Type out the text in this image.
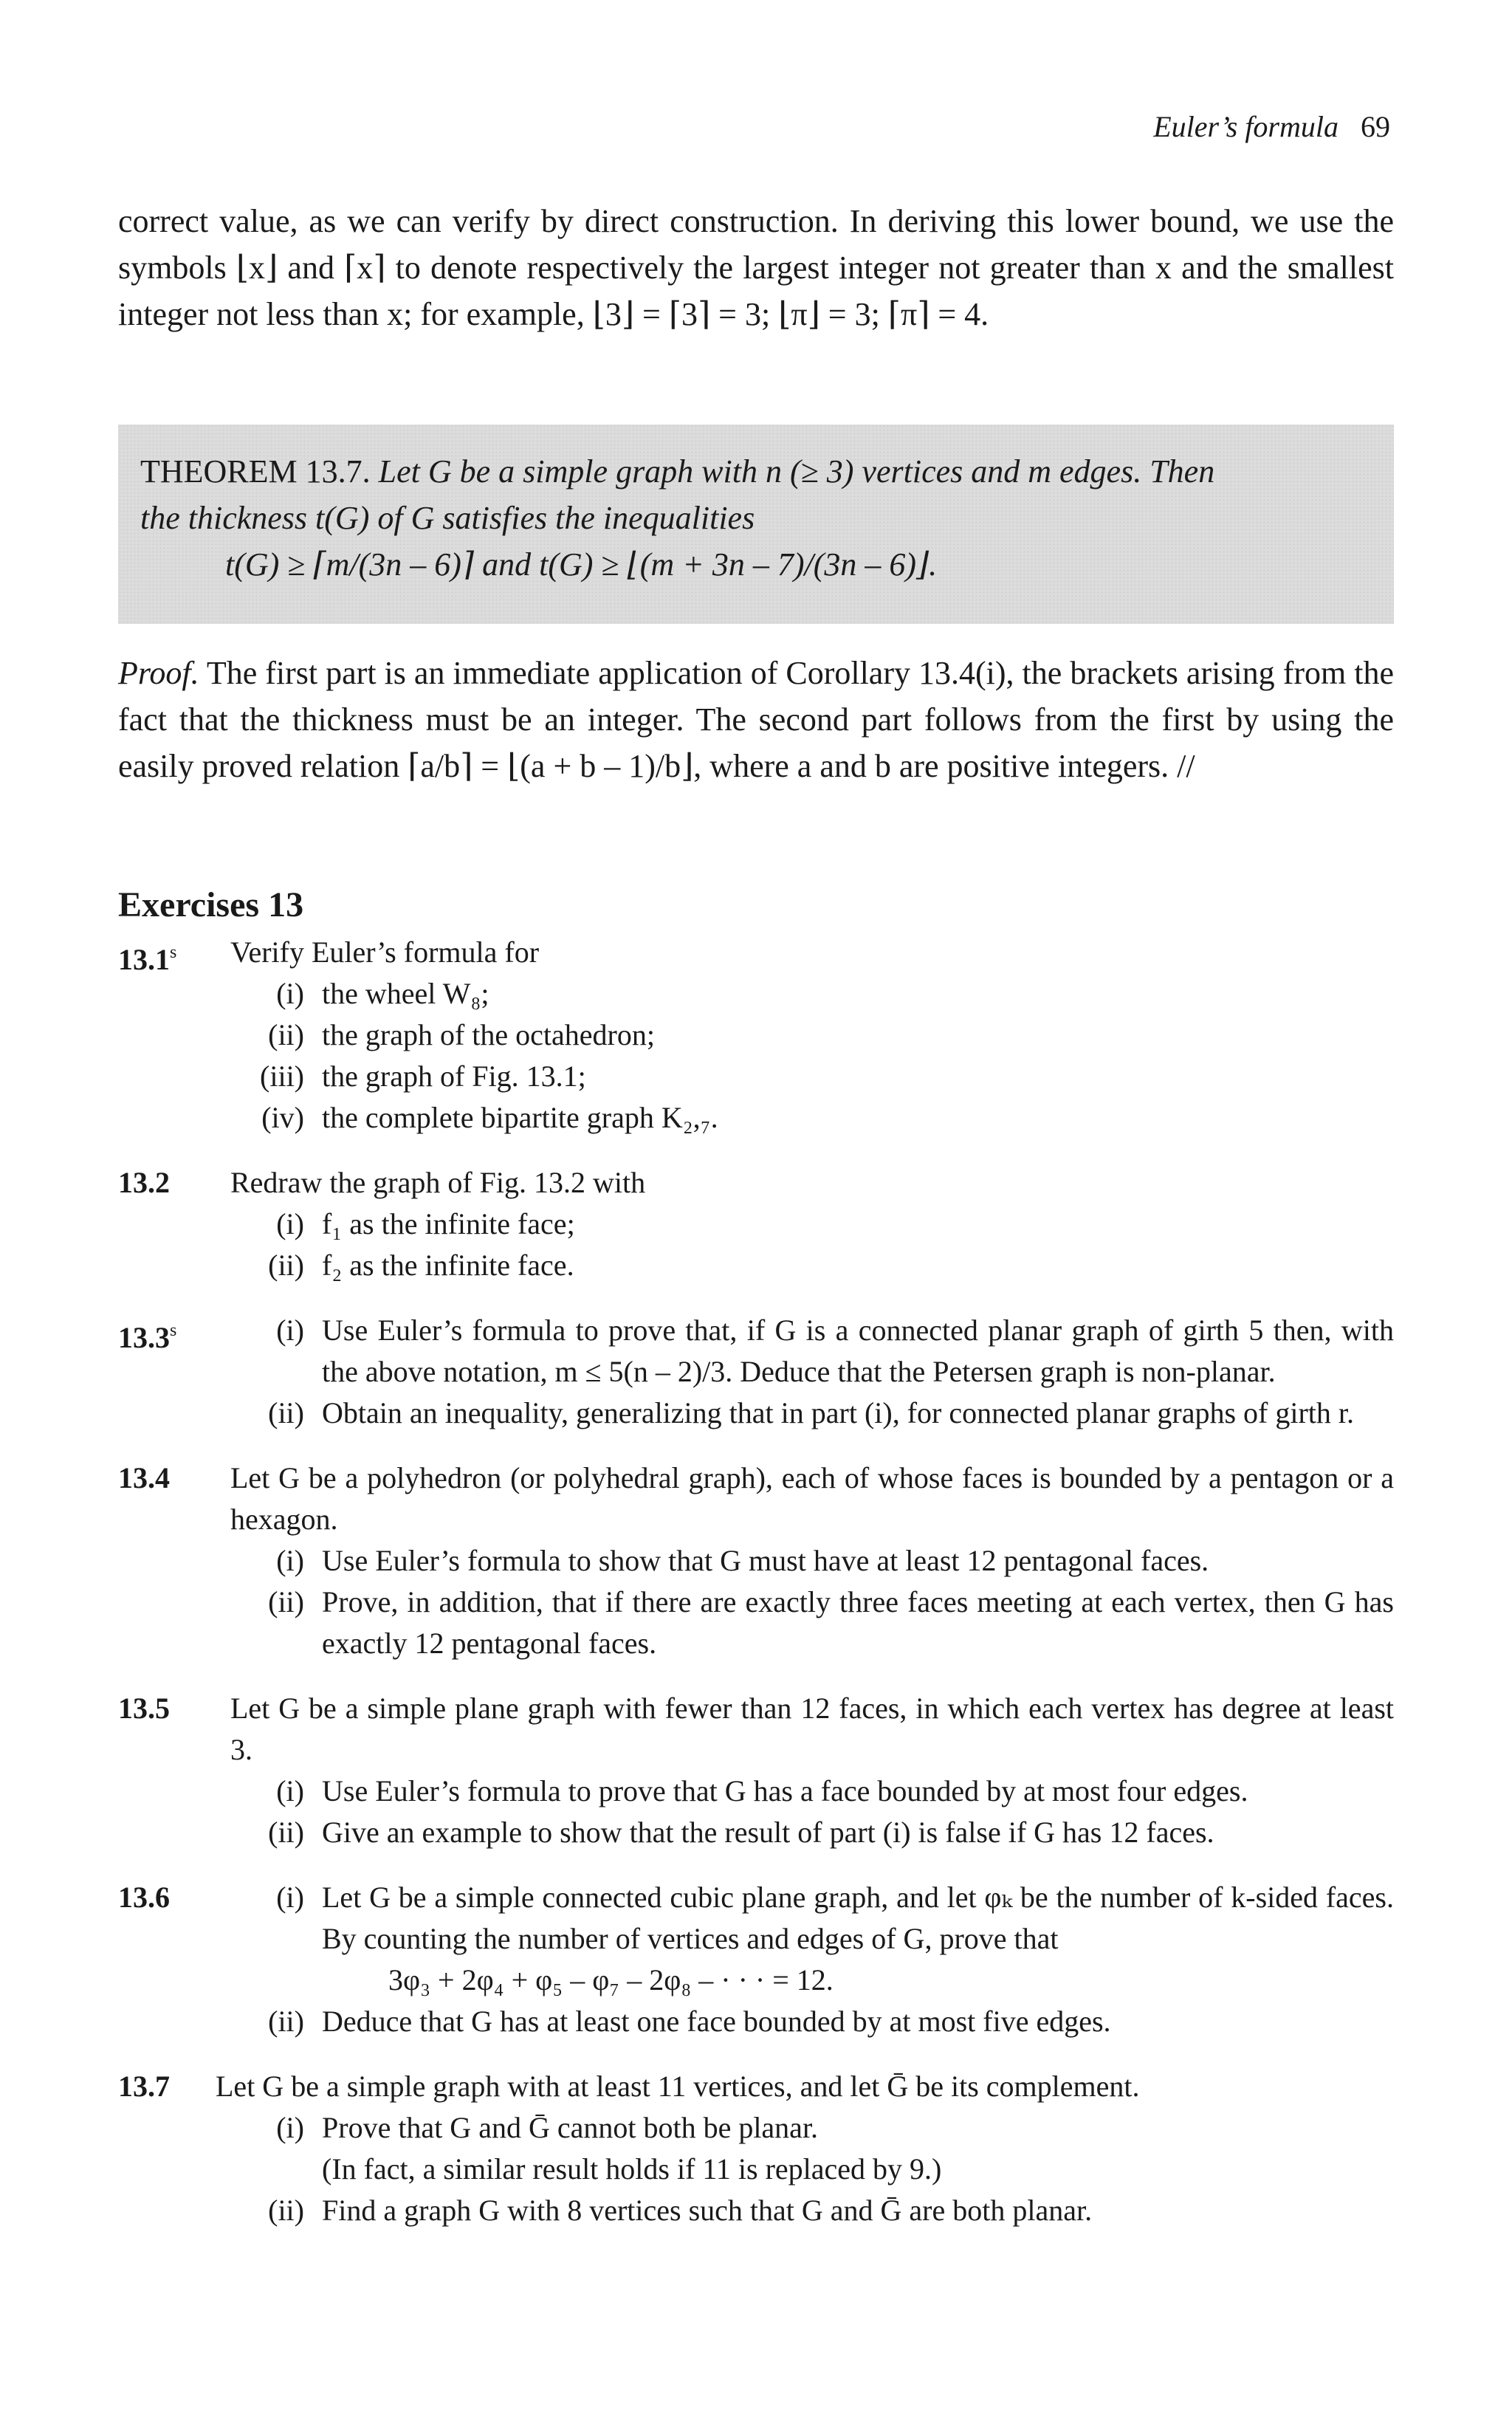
Euler’s formula 69
correct value, as we can verify by direct construction. In deriving this lower bound, we use the symbols ⌊x⌋ and ⌈x⌉ to denote respectively the largest integer not greater than x and the smallest integer not less than x; for example, ⌊3⌋ = ⌈3⌉ = 3; ⌊π⌋ = 3; ⌈π⌉ = 4.
THEOREM 13.7. Let G be a simple graph with n (≥ 3) vertices and m edges. Then
the thickness t(G) of G satisfies the inequalities
t(G) ≥ ⌈m/(3n – 6)⌉ and t(G) ≥ ⌊(m + 3n – 7)/(3n – 6)⌋.
Proof. The first part is an immediate application of Corollary 13.4(i), the brackets arising from the fact that the thickness must be an integer. The second part follows from the first by using the easily proved relation ⌈a/b⌉ = ⌊(a + b – 1)/b⌋, where a and b are positive integers. //
Exercises 13
13.1$^s$	Verify Euler’s formula for
(i) the wheel W₈;
(ii) the graph of the octahedron;
(iii) the graph of Fig. 13.1;
(iv) the complete bipartite graph K₂,₇.
13.2	Redraw the graph of Fig. 13.2 with
(i) f₁ as the infinite face;
(ii) f₂ as the infinite face.
13.3$^s$	(i) Use Euler’s formula to prove that, if G is a connected planar graph of girth 5 then, with the above notation, m ≤ 5(n – 2)/3. Deduce that the Petersen graph is non-planar.
(ii) Obtain an inequality, generalizing that in part (i), for connected planar graphs of girth r.
13.4	Let G be a polyhedron (or polyhedral graph), each of whose faces is bounded by a pentagon or a hexagon.
(i) Use Euler’s formula to show that G must have at least 12 pentagonal faces.
(ii) Prove, in addition, that if there are exactly three faces meeting at each vertex, then G has exactly 12 pentagonal faces.
13.5	Let G be a simple plane graph with fewer than 12 faces, in which each vertex has degree at least 3.
(i) Use Euler’s formula to prove that G has a face bounded by at most four edges.
(ii) Give an example to show that the result of part (i) is false if G has 12 faces.
13.6	(i) Let G be a simple connected cubic plane graph, and let φₖ be the number of k-sided faces. By counting the number of vertices and edges of G, prove that
3φ₃ + 2φ₄ + φ₅ – φ₇ – 2φ₈ – · · · = 12.
(ii) Deduce that G has at least one face bounded by at most five edges.
13.7	Let G be a simple graph with at least 11 vertices, and let Ḡ be its complement.
(i) Prove that G and Ḡ cannot both be planar.
(In fact, a similar result holds if 11 is replaced by 9.)
(ii) Find a graph G with 8 vertices such that G and Ḡ are both planar.
